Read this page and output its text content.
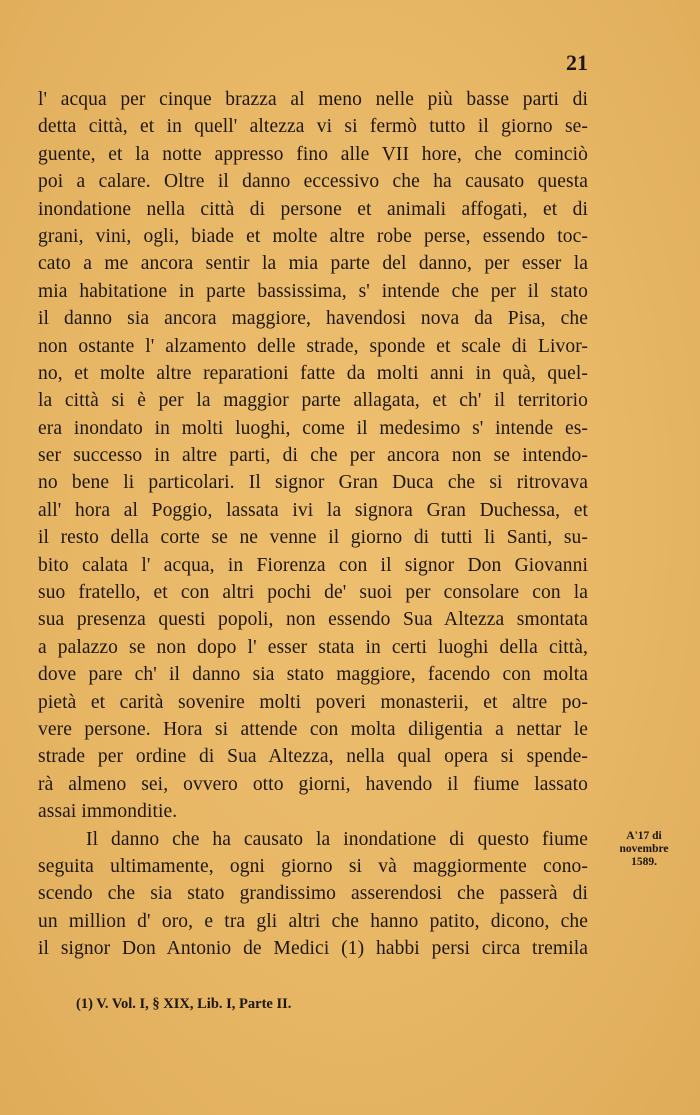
21
l' acqua per cinque brazza al meno nelle più basse parti di
detta città, et in quell' altezza vi si fermò tutto il giorno se-
guente, et la notte appresso fino alle VII hore, che cominciò
poi a calare. Oltre il danno eccessivo che ha causato questa
inondatione nella città di persone et animali affogati, et di
grani, vini, ogli, biade et molte altre robe perse, essendo toc-
cato a me ancora sentir la mia parte del danno, per esser la
mia habitatione in parte bassissima, s' intende che per il stato
il danno sia ancora maggiore, havendosi nova da Pisa, che
non ostante l' alzamento delle strade, sponde et scale di Livor-
no, et molte altre reparationi fatte da molti anni in quà, quel-
la città si è per la maggior parte allagata, et ch' il territorio
era inondato in molti luoghi, come il medesimo s' intende es-
ser successo in altre parti, di che per ancora non se intendo-
no bene li particolari. Il signor Gran Duca che si ritrovava
all' hora al Poggio, lassata ivi la signora Gran Duchessa, et
il resto della corte se ne venne il giorno di tutti li Santi, su-
bito calata l' acqua, in Fiorenza con il signor Don Giovanni
suo fratello, et con altri pochi de' suoi per consolare con la
sua presenza questi popoli, non essendo Sua Altezza smontata
a palazzo se non dopo l' esser stata in certi luoghi della città,
dove pare ch' il danno sia stato maggiore, facendo con molta
pietà et carità sovenire molti poveri monasterii, et altre po-
vere persone. Hora si attende con molta diligentia a nettar le
strade per ordine di Sua Altezza, nella qual opera si spende-
rà almeno sei, ovvero otto giorni, havendo il fiume lassato
assai immonditie.
Il danno che ha causato la inondatione di questo fiume
seguita ultimamente, ogni giorno si và maggiormente cono-
scendo che sia stato grandissimo asserendosi che passerà di
un million d' oro, e tra gli altri che hanno patito, dicono, che
il signor Don Antonio de Medici (1) habbi persi circa tremila
A'17 di
novembre
1589.
(1) V. Vol. I, § XIX, Lib. I, Parte II.
